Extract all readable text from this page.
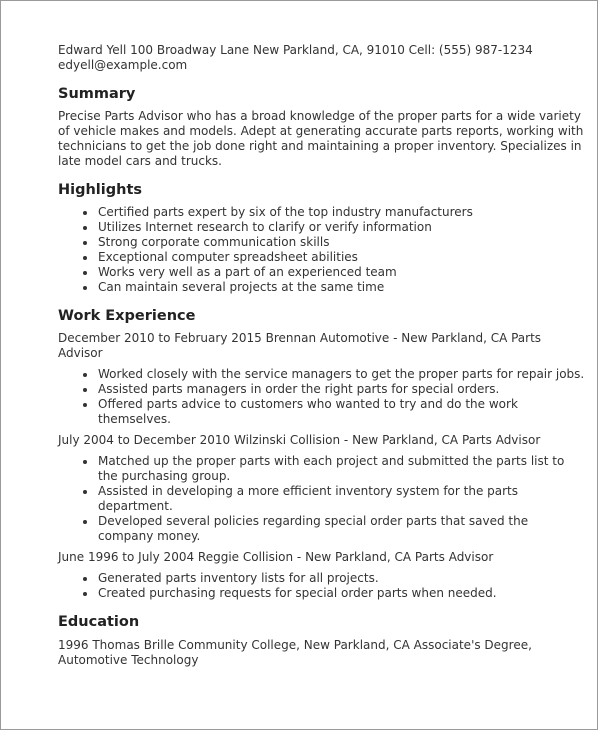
Edward Yell 100 Broadway Lane New Parkland, CA, 91010 Cell: (555) 987-1234

edyell@example.com

Summary

Precise Parts Advisor who has a broad knowledge of the proper parts for a wide variety of vehicle makes and models. Adept at generating accurate parts reports, working with technicians to get the job done right and maintaining a proper inventory. Specializes in late model cars and trucks.

Highlights
Certified parts expert by six of the top industry manufacturers
Utilizes Internet research to clarify or verify information
Strong corporate communication skills
Exceptional computer spreadsheet abilities
Works very well as a part of an experienced team
Can maintain several projects at the same time
Work Experience

December 2010 to February 2015 Brennan Automotive - New Parkland, CA Parts Advisor

Worked closely with the service managers to get the proper parts for repair jobs.
Assisted parts managers in order the right parts for special orders.
Offered parts advice to customers who wanted to try and do the work themselves.

July 2004 to December 2010 Wilzinski Collision - New Parkland, CA Parts Advisor

Matched up the proper parts with each project and submitted the parts list to the purchasing group.
Assisted in developing a more efficient inventory system for the parts department.
Developed several policies regarding special order parts that saved the company money.

June 1996 to July 2004 Reggie Collision - New Parkland, CA Parts Advisor

Generated parts inventory lists for all projects.
Created purchasing requests for special order parts when needed.
Education

1996 Thomas Brille Community College, New Parkland, CA Associate's Degree, Automotive Technology
